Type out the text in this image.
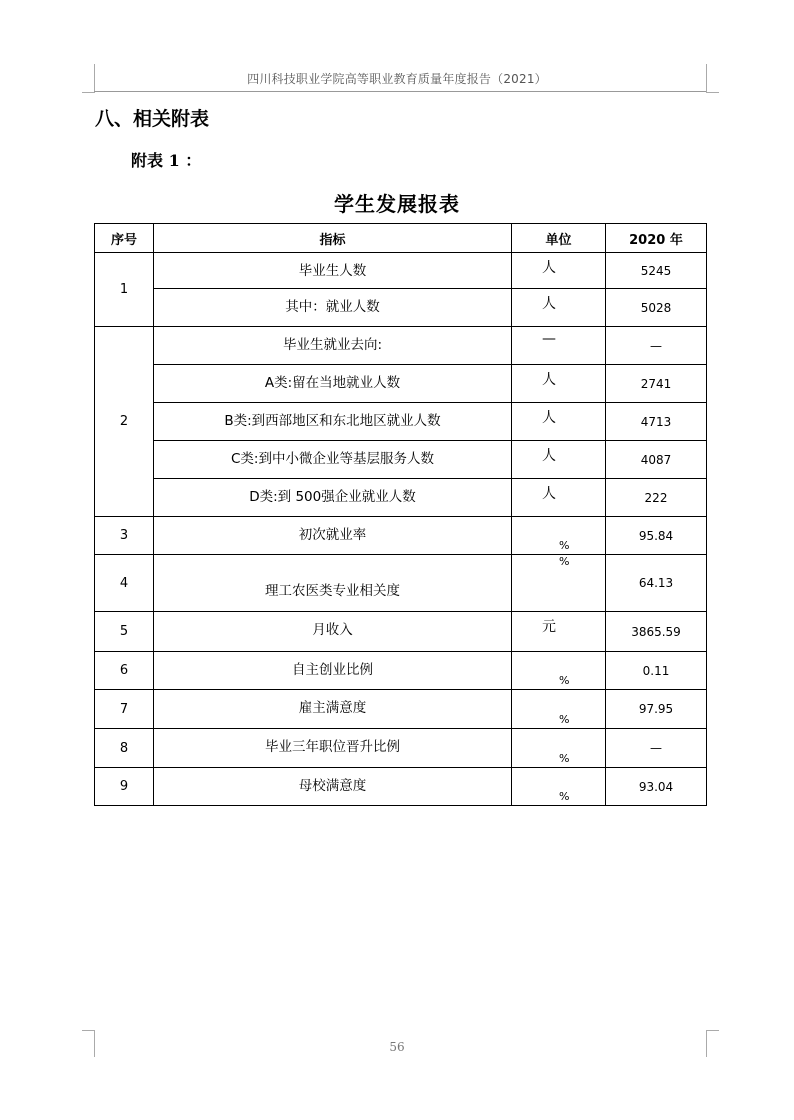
四川科技职业学院高等职业教育质量年度报告（2021）
八、相关附表
附表 1 ：
学生发展报表
序号	指标	单位	2020 年
1	毕业生人数	人	5245
	其中：就业人数	人	5028
2	毕业生就业去向:	—	—
	A类:留在当地就业人数	人	2741
	B类:到西部地区和东北地区就业人数	人	4713
	C类:到中小微企业等基层服务人数	人	4087
	D类:到 500强企业就业人数	人	222
3	初次就业率	%	95.84
4	理工农医类专业相关度	%	64.13
5	月收入	元	3865.59
6	自主创业比例	%	0.11
7	雇主满意度	%	97.95
8	毕业三年职位晋升比例	%	—
9	母校满意度	%	93.04
56
